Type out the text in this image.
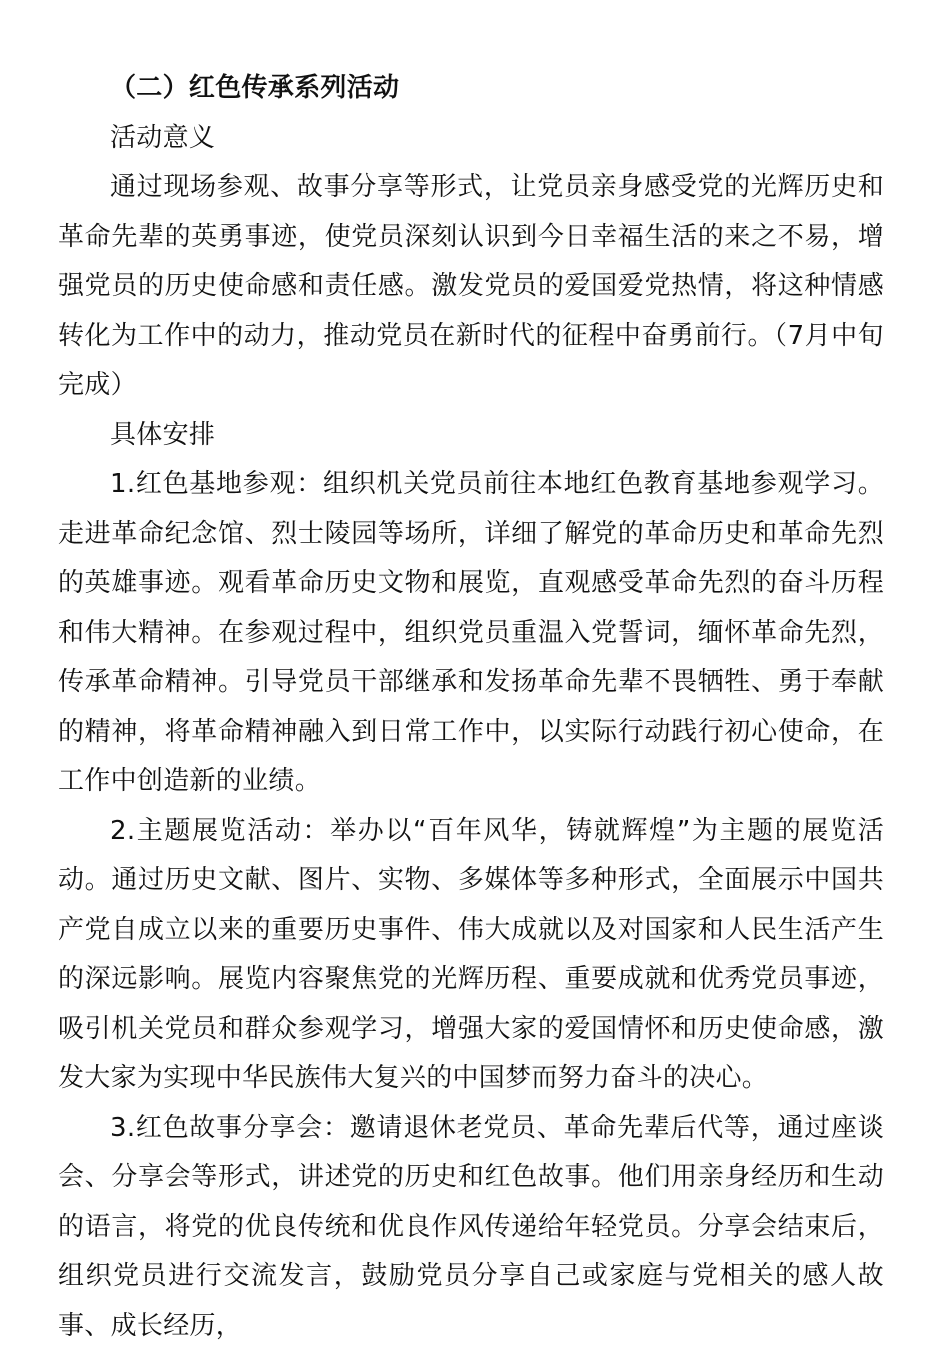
（二）红色传承系列活动

活动意义

通过现场参观、故事分享等形式，让党员亲身感受党的光辉历史和革命先辈的英勇事迹，使党员深刻认识到今日幸福生活的来之不易，增强党员的历史使命感和责任感。激发党员的爱国爱党热情，将这种情感转化为工作中的动力，推动党员在新时代的征程中奋勇前行。（7月中旬完成）

具体安排

1.红色基地参观：组织机关党员前往本地红色教育基地参观学习。走进革命纪念馆、烈士陵园等场所，详细了解党的革命历史和革命先烈的英雄事迹。观看革命历史文物和展览，直观感受革命先烈的奋斗历程和伟大精神。在参观过程中，组织党员重温入党誓词，缅怀革命先烈，传承革命精神。引导党员干部继承和发扬革命先辈不畏牺牲、勇于奉献的精神，将革命精神融入到日常工作中，以实际行动践行初心使命，在工作中创造新的业绩。

2.主题展览活动：举办以“百年风华，铸就辉煌”为主题的展览活动。通过历史文献、图片、实物、多媒体等多种形式，全面展示中国共产党自成立以来的重要历史事件、伟大成就以及对国家和人民生活产生的深远影响。展览内容聚焦党的光辉历程、重要成就和优秀党员事迹，吸引机关党员和群众参观学习，增强大家的爱国情怀和历史使命感，激发大家为实现中华民族伟大复兴的中国梦而努力奋斗的决心。

3.红色故事分享会：邀请退休老党员、革命先辈后代等，通过座谈会、分享会等形式，讲述党的历史和红色故事。他们用亲身经历和生动的语言，将党的优良传统和优良作风传递给年轻党员。分享会结束后，组织党员进行交流发言，鼓励党员分享自己或家庭与党相关的感人故事、成长经历，
